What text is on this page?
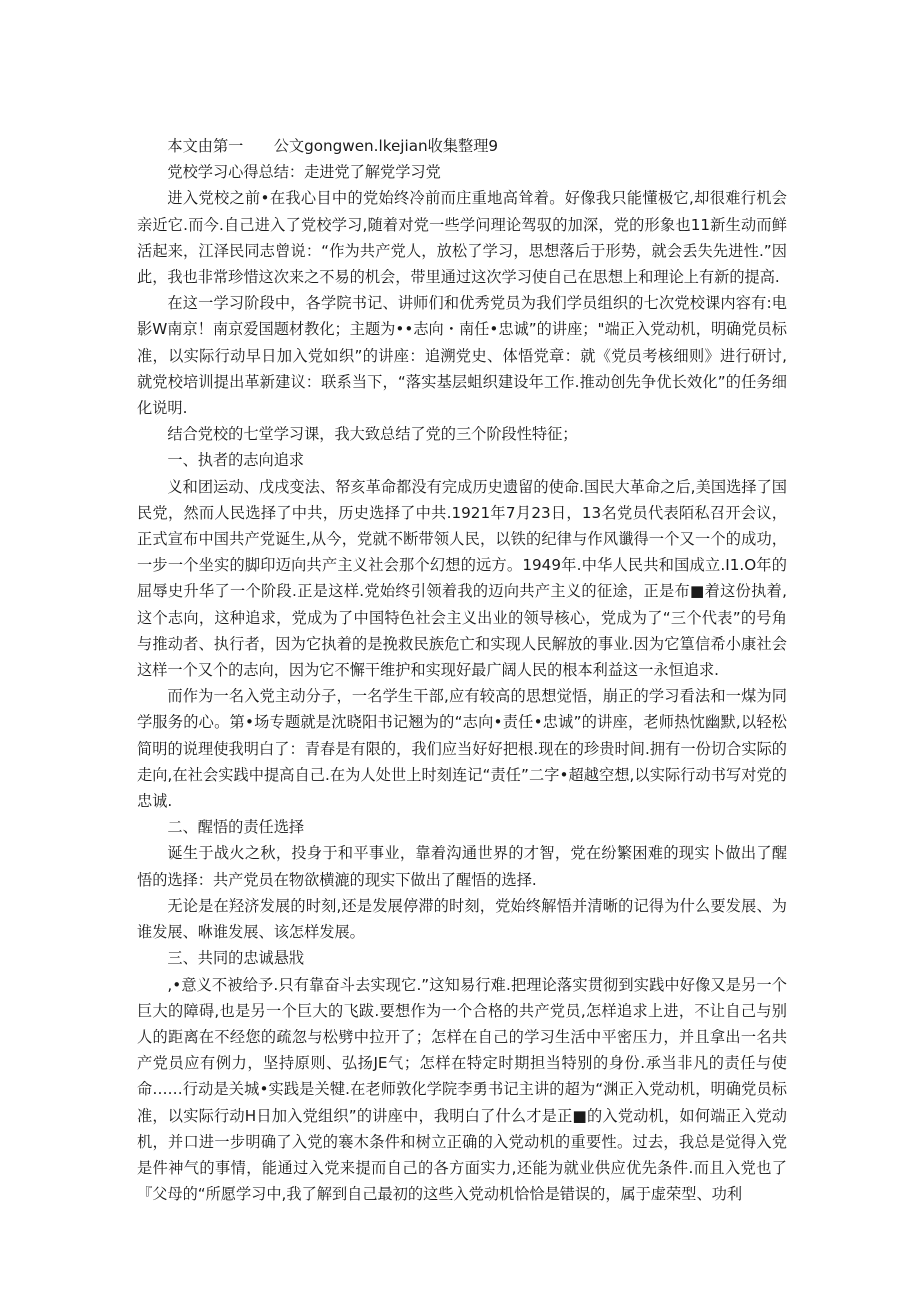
本文由第一　　公文gongwen.lkejian收集整理9
党校学习心得总结：走进党了解党学习党
进入党校之前•在我心目中的党始终冷前而庄重地高耸着。好像我只能懂极它,却很难行机会亲近它.而今.自己进入了党校学习,随着对党一些学问理论驾驭的加深，党的形象也11新生动而鲜活起来，江泽民同志曾说：“作为共产党人，放松了学习，思想落后于形势，就会丢失先进性.”因此，我也非常珍惜这次来之不易的机会，带里通过这次学习使自己在思想上和理论上有新的提高.
在这一学习阶段中，各学院书记、讲师们和优秀党员为我们学员组织的七次党校课内容有:电影W南京！南京爱国题材教化；主题为••志向・南任•忠诚”的讲座；"端正入党动机，明确党员标准，以实际行动早日加入党如织”的讲座：追溯党史、体悟党章：就《党员考核细则》进行研讨,就党校培训提出革新建议：联系当下，“落实基层蛆织建设年工作.推动创先争优长效化”的任务细化说明.
结合党校的七堂学习课，我大致总结了党的三个阶段性特征；
一、执者的志向追求
义和团运动、戊戌变法、帑亥革命都没有完成历史遗留的使命.国民大革命之后,美国选择了国民党，然而人民选择了中共，历史选择了中共.1921年7月23日，13名党员代表陌私召开会议，正式宣布中国共产党诞生,从今，党就不断带领人民，以铁的纪律与作风谶得一个又一个的成功，一步一个坐实的脚印迈向共产主义社会那个幻想的远方。1949年.中华人民共和国成立.I1.O年的屈辱史升华了一个阶段.正是这样.党始终引领着我的迈向共产主义的征途，正是布■着这份执着,这个志向，这种追求，党成为了中国特色社会主义出业的领导核心，党成为了“三个代表”的号角与推动者、执行者，因为它执着的是挽救民族危亡和实现人民解放的事业.因为它篁信希小康社会这样一个又个的志向，因为它不懈干维护和实现好最广阔人民的根本利益这一永恒追求.
而作为一名入党主动分子，一名学生干部,应有较高的思想觉悟，崩正的学习看法和一煤为同学服务的心。第•场专题就是沈晓阳书记翘为的“志向•责任•忠诚”的讲座，老师热忱幽默,以轻松简明的说理使我明白了：青春是有限的，我们应当好好把根.现在的珍贵时间.拥有一份切合实际的走向,在社会实践中提高自己.在为人处世上时刻连记“责任”二字•超越空想,以实际行动书写对党的忠诚.
二、醒悟的责任选择
诞生于战火之秋，投身于和平事业，靠着沟通世界的才智，党在纷繁困难的现实卜做出了醒悟的选择：共产党员在物欲横漉的现实下做出了醒悟的选择.
无论是在羟济发展的时刻,还是发展停滞的时刻，党始终解悟并清晰的记得为什么要发展、为谁发展、咻谁发展、该怎样发展。
三、共同的忠诚悬戕
,•意义不被给予.只有靠奋斗去实现它.”这知易行难.把理论落实贯彻到实践中好像又是另一个巨大的障碍,也是另一个巨大的飞跋.要想作为一个合格的共产党员,怎样追求上进，不让自己与别人的距离在不经您的疏忽与松劈中拉开了；怎样在自己的学习生活中平密压力，并且拿出一名共产党员应有例力，坚持原则、弘扬JE气；怎样在特定时期担当特别的身份.承当非凡的责任与使命……行动是关城•实践是关犍.在老师敦化学院李勇书记主讲的超为“渊正入党动机，明确党员标准，以实际行动H日加入党组织”的讲座中，我明白了什么才是正■的入党动机，如何端正入党动机，并口进一步明确了入党的褰木条件和树立正确的入党动机的重要性。过去，我总是觉得入党是件神气的事情，能通过入党来提而自己的各方面实力,还能为就业供应优先条件.而且入党也了『父母的“所愿学习中,我了解到自己最初的这些入党动机恰恰是错误的，属于虚荣型、功利
